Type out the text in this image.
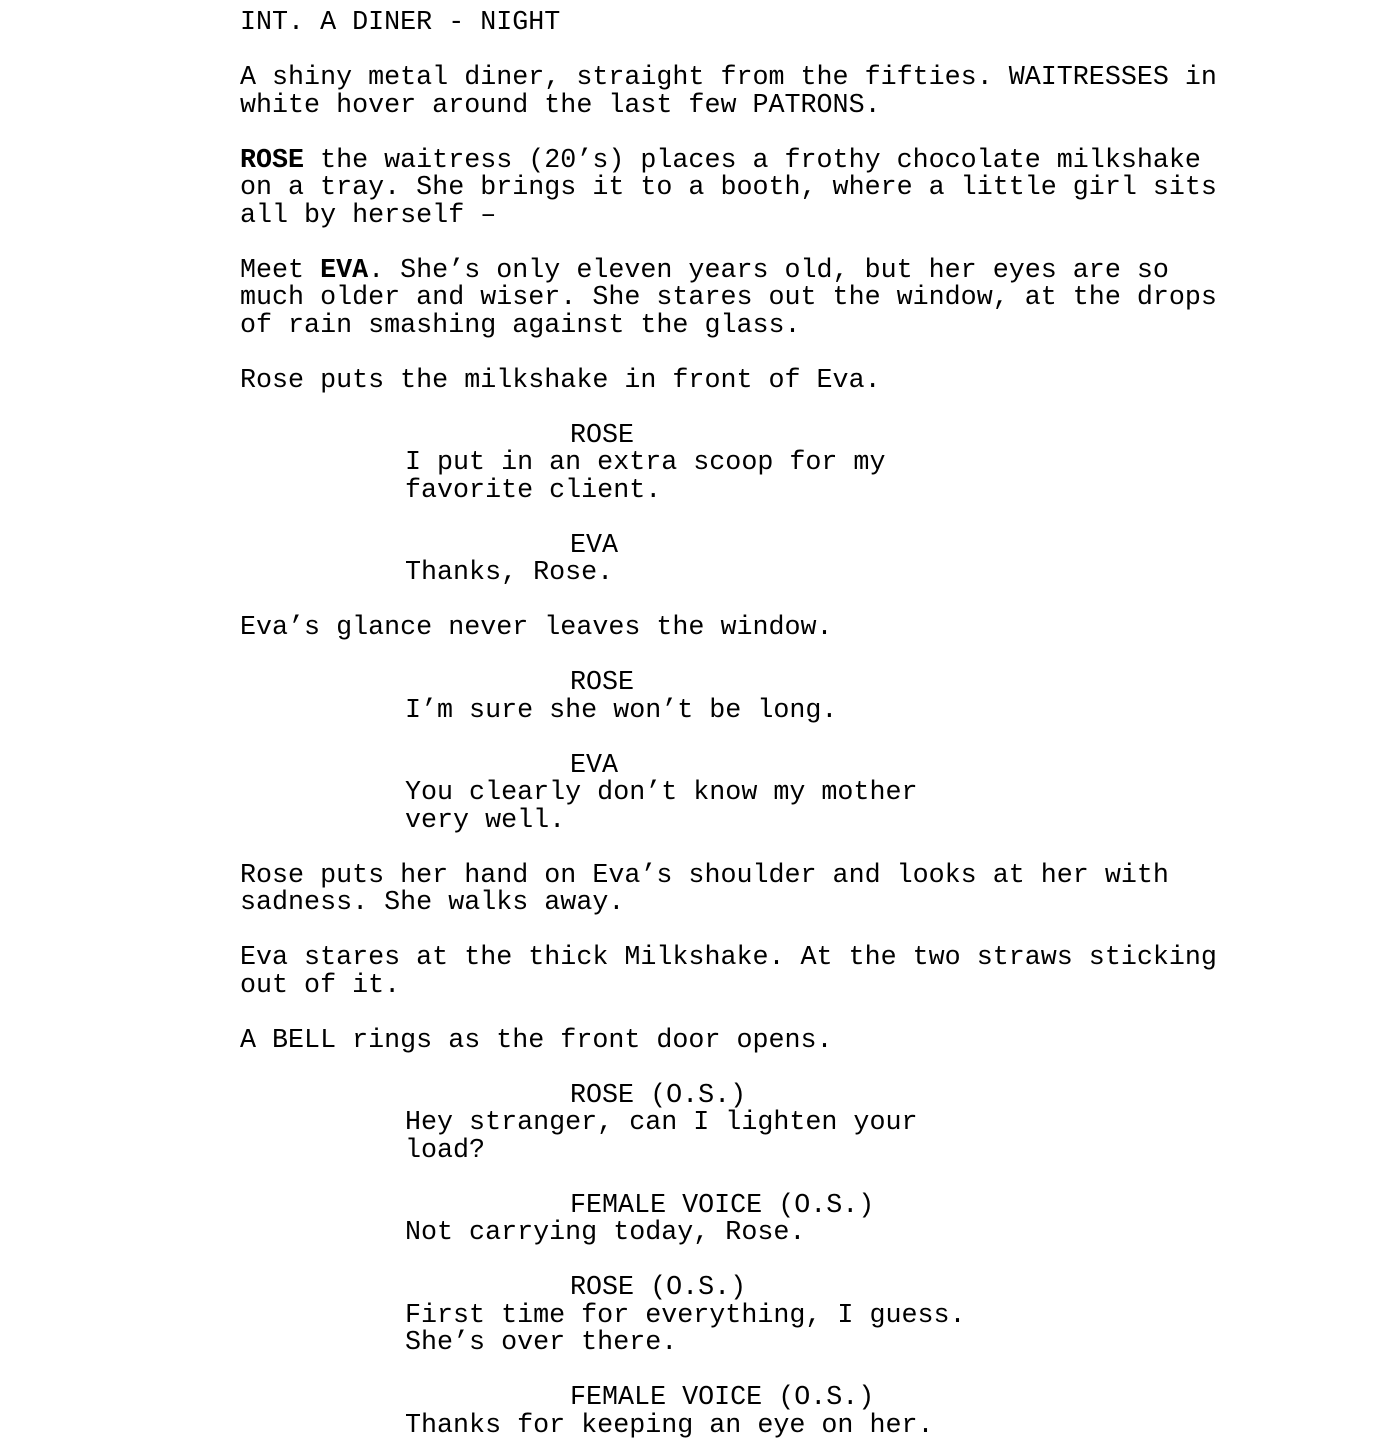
INT. A DINER - NIGHT
A shiny metal diner, straight from the fifties. WAITRESSES in
white hover around the last few PATRONS.
ROSE the waitress (20’s) places a frothy chocolate milkshake
on a tray. She brings it to a booth, where a little girl sits
all by herself –
Meet EVA. She’s only eleven years old, but her eyes are so
much older and wiser. She stares out the window, at the drops
of rain smashing against the glass.
Rose puts the milkshake in front of Eva.
ROSE
I put in an extra scoop for my
favorite client.
EVA
Thanks, Rose.
Eva’s glance never leaves the window.
ROSE
I’m sure she won’t be long.
EVA
You clearly don’t know my mother
very well.
Rose puts her hand on Eva’s shoulder and looks at her with
sadness. She walks away.
Eva stares at the thick Milkshake. At the two straws sticking
out of it.
A BELL rings as the front door opens.
ROSE (O.S.)
Hey stranger, can I lighten your
load?
FEMALE VOICE (O.S.)
Not carrying today, Rose.
ROSE (O.S.)
First time for everything, I guess.
She’s over there.
FEMALE VOICE (O.S.)
Thanks for keeping an eye on her.
